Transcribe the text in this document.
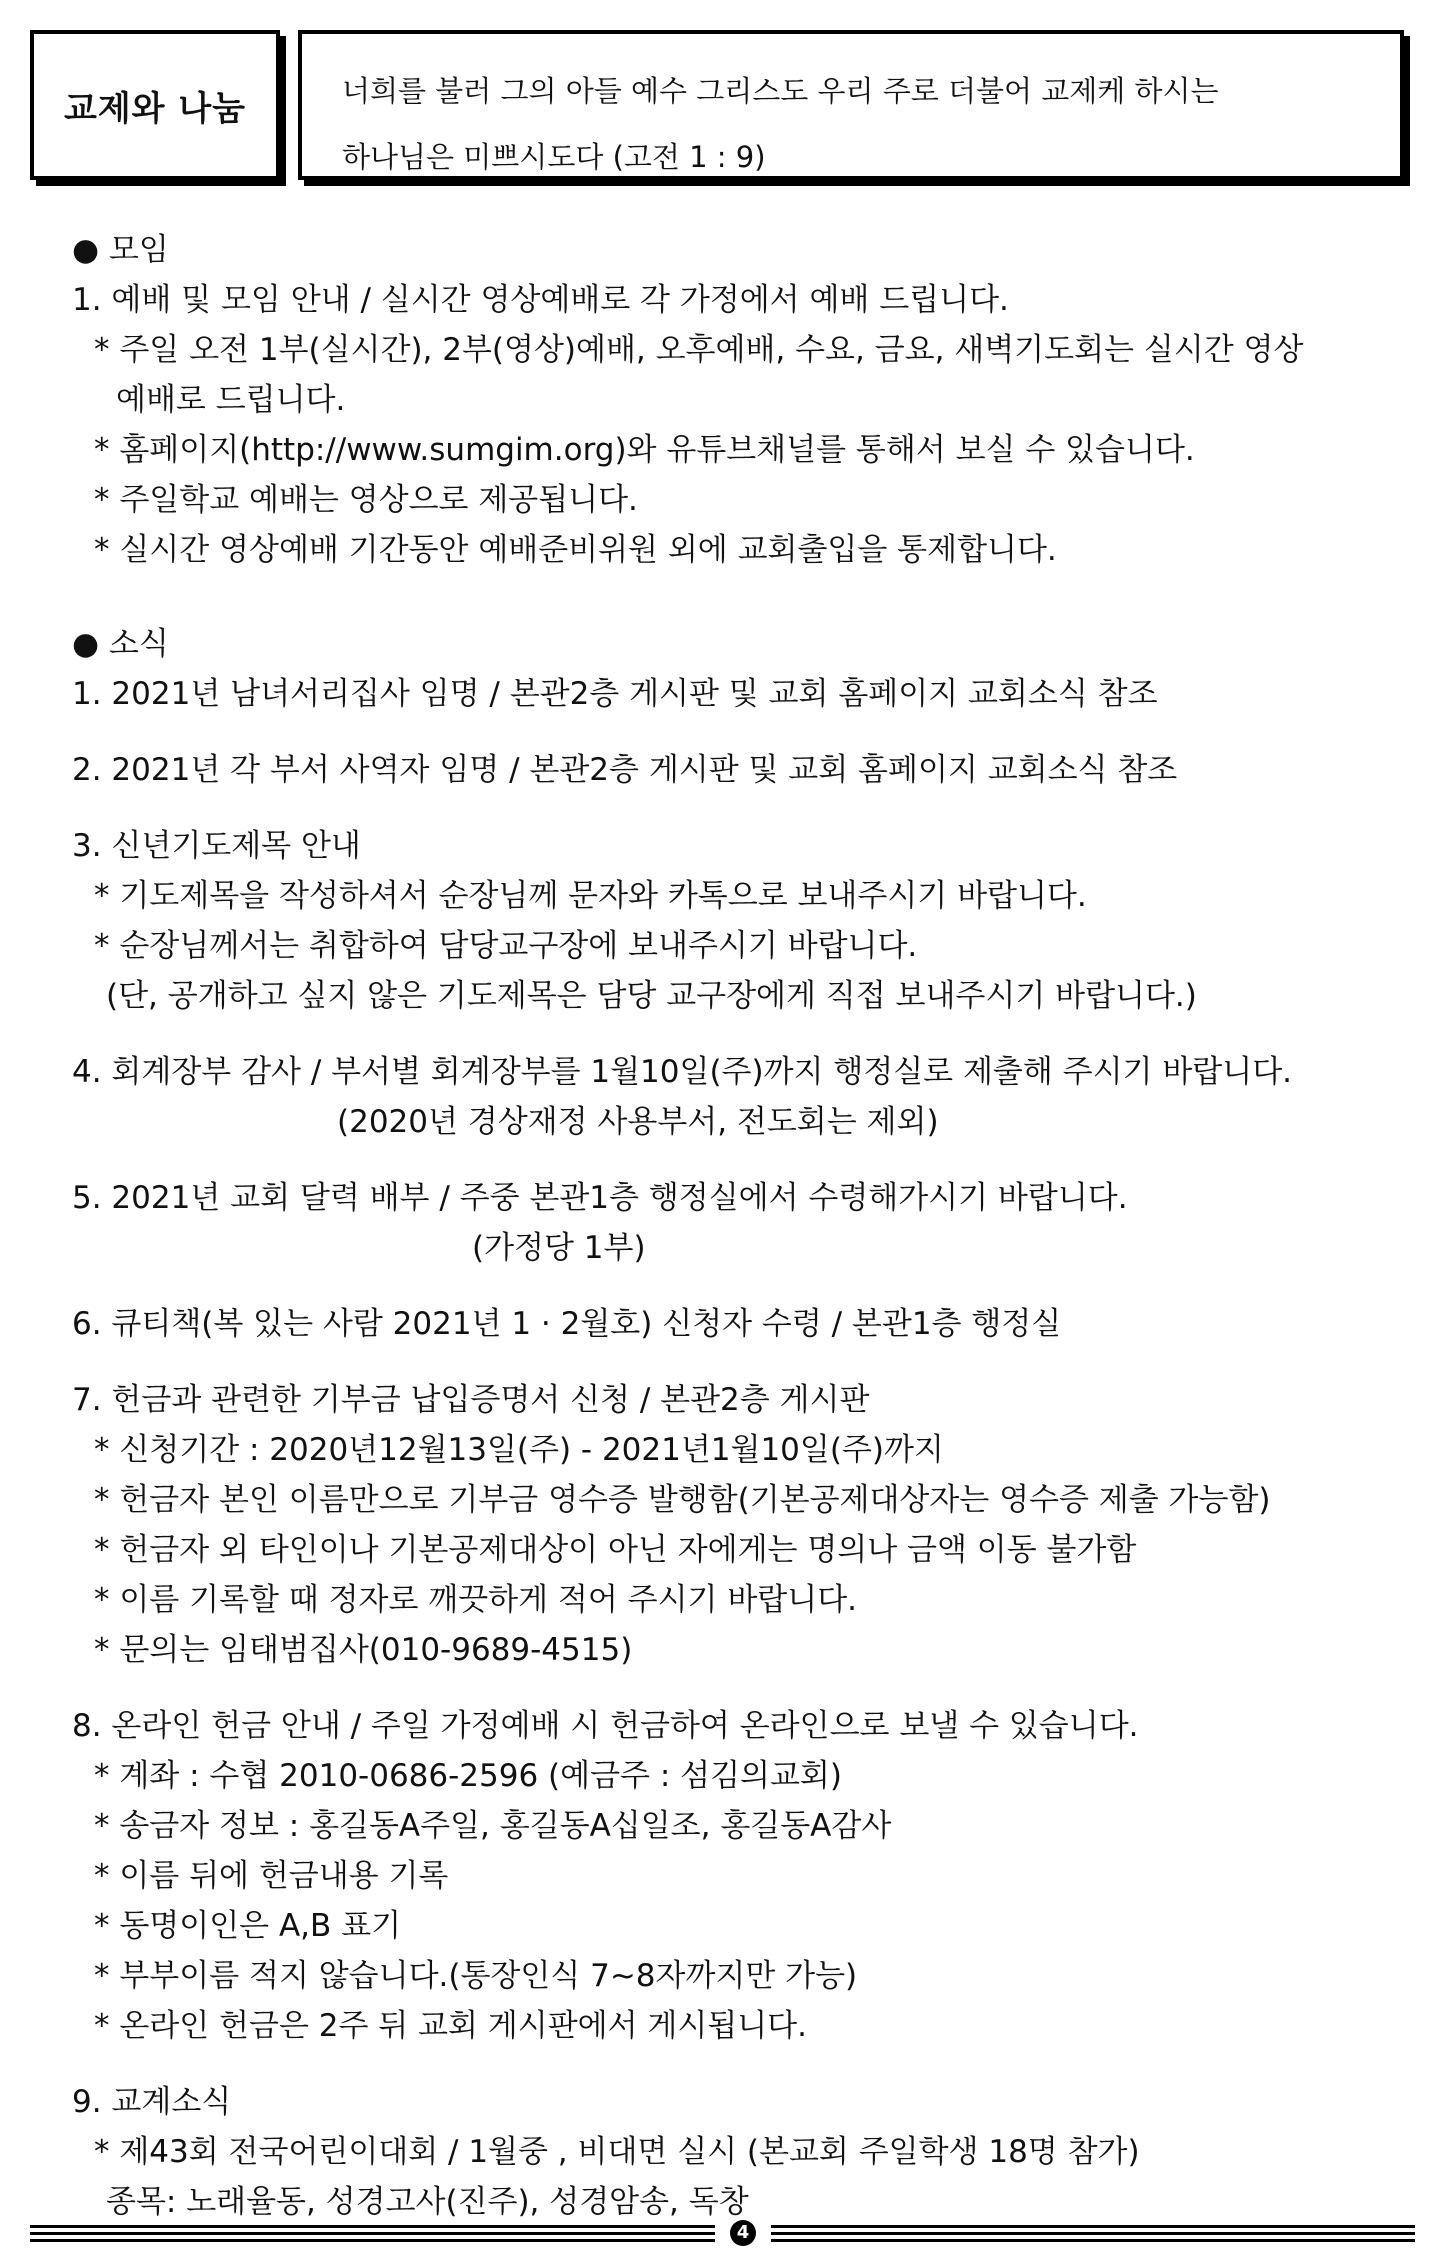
교제와 나눔	너희를 불러 그의 아들 예수 그리스도 우리 주로 더불어 교제케 하시는
하나님은 미쁘시도다 (고전 1 : 9)
● 모임
1. 예배 및 모임 안내 / 실시간 영상예배로 각 가정에서 예배 드립니다.
* 주일 오전 1부(실시간), 2부(영상)예배, 오후예배, 수요, 금요, 새벽기도회는 실시간 영상
예배로 드립니다.
* 홈페이지(http://www.sumgim.org)와 유튜브채널를 통해서 보실 수 있습니다.
* 주일학교 예배는 영상으로 제공됩니다.
* 실시간 영상예배 기간동안 예배준비위원 외에 교회출입을 통제합니다.
● 소식
1. 2021년 남녀서리집사 임명 / 본관2층 게시판 및 교회 홈페이지 교회소식 참조
2. 2021년 각 부서 사역자 임명 / 본관2층 게시판 및 교회 홈페이지 교회소식 참조
3. 신년기도제목 안내
* 기도제목을 작성하셔서 순장님께 문자와 카톡으로 보내주시기 바랍니다.
* 순장님께서는 취합하여 담당교구장에 보내주시기 바랍니다.
(단, 공개하고 싶지 않은 기도제목은 담당 교구장에게 직접 보내주시기 바랍니다.)
4. 회계장부 감사 / 부서별 회계장부를 1월10일(주)까지 행정실로 제출해 주시기 바랍니다.
(2020년 경상재정 사용부서, 전도회는 제외)
5. 2021년 교회 달력 배부 / 주중 본관1층 행정실에서 수령해가시기 바랍니다.
(가정당 1부)
6. 큐티책(복 있는 사람 2021년 1 · 2월호) 신청자 수령 / 본관1층 행정실
7. 헌금과 관련한 기부금 납입증명서 신청 / 본관2층 게시판
* 신청기간 : 2020년12월13일(주) - 2021년1월10일(주)까지
* 헌금자 본인 이름만으로 기부금 영수증 발행함(기본공제대상자는 영수증 제출 가능함)
* 헌금자 외 타인이나 기본공제대상이 아닌 자에게는 명의나 금액 이동 불가함
* 이름 기록할 때 정자로 깨끗하게 적어 주시기 바랍니다.
* 문의는 임태범집사(010-9689-4515)
8. 온라인 헌금 안내 / 주일 가정예배 시 헌금하여 온라인으로 보낼 수 있습니다.
* 계좌 : 수협 2010-0686-2596 (예금주 : 섬김의교회)
* 송금자 정보 : 홍길동A주일, 홍길동A십일조, 홍길동A감사
* 이름 뒤에 헌금내용 기록
* 동명이인은 A,B 표기
* 부부이름 적지 않습니다.(통장인식 7~8자까지만 가능)
* 온라인 헌금은 2주 뒤 교회 게시판에서 게시됩니다.
9. 교계소식
* 제43회 전국어린이대회 / 1월중 , 비대면 실시 (본교회 주일학생 18명 참가)
종목: 노래율동, 성경고사(진주), 성경암송, 독창
4
